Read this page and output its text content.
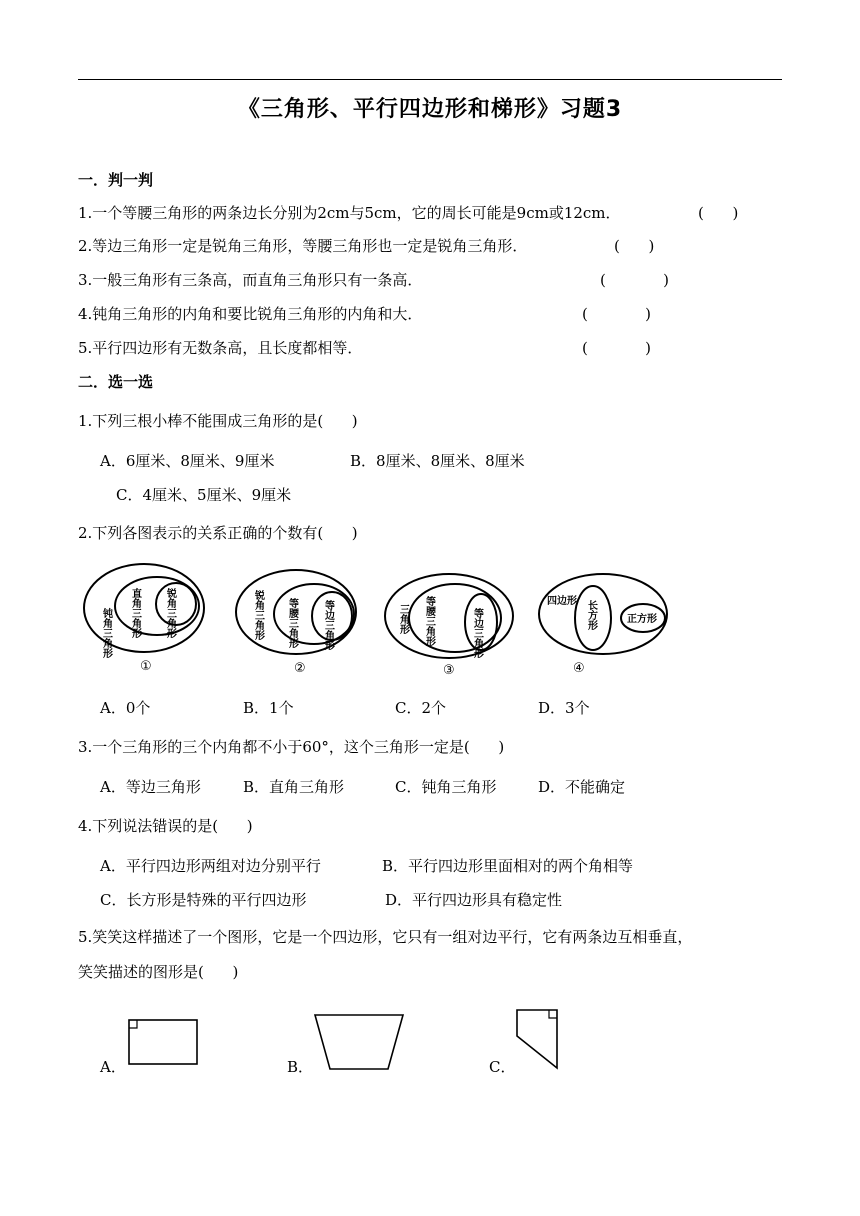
《三角形、平行四边形和梯形》习题3
一．判一判
1.一个等腰三角形的两条边长分别为2cm与5cm，它的周长可能是9cm或12cm．	(      )
2.等边三角形一定是锐角三角形，等腰三角形也一定是锐角三角形．	(      )
3.一般三角形有三条高，而直角三角形只有一条高．	(            )
4.钝角三角形的内角和要比锐角三角形的内角和大．	(            )
5.平行四边形有无数条高，且长度都相等．	(            )
二．选一选
1.下列三根小棒不能围成三角形的是(      )
A．6厘米、8厘米、9厘米	B．8厘米、8厘米、8厘米
C．4厘米、5厘米、9厘米
2.下列各图表示的关系正确的个数有(      )
钝角三角形 直角三角形 锐角三角形
①
锐角三角形 等腰三角形	等边三角形
②
三角形 等腰三角形	等边三角形
③
四边形 长方形	正方形
④
A．0个	B．1个	C．2个	D．3个
3.一个三角形的三个内角都不小于60°，这个三角形一定是(      )
A．等边三角形	B．直角三角形	C．钝角三角形	D．不能确定
4.下列说法错误的是(      )
A．平行四边形两组对边分别平行	B．平行四边形里面相对的两个角相等
C．长方形是特殊的平行四边形	D．平行四边形具有稳定性
5.笑笑这样描述了一个图形，它是一个四边形，它只有一组对边平行，它有两条边互相垂直，
笑笑描述的图形是(      )
A．	B．	C．
